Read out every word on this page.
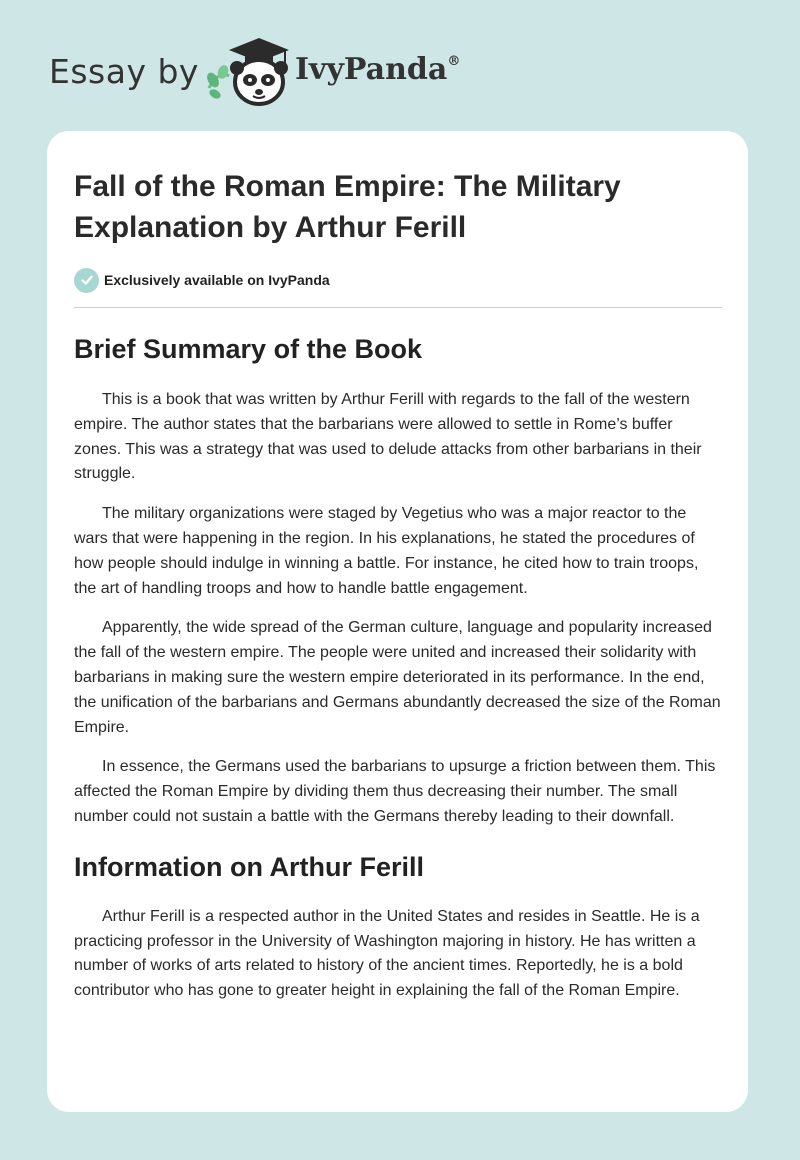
Essay by	IvyPanda®
Fall of the Roman Empire: The Military Explanation by Arthur Ferill
Exclusively available on IvyPanda
Brief Summary of the Book

This is a book that was written by Arthur Ferill with regards to the fall of the western empire. The author states that the barbarians were allowed to settle in Rome’s buffer zones. This was a strategy that was used to delude attacks from other barbarians in their struggle.

The military organizations were staged by Vegetius who was a major reactor to the wars that were happening in the region. In his explanations, he stated the procedures of how people should indulge in winning a battle. For instance, he cited how to train troops, the art of handling troops and how to handle battle engagement.

Apparently, the wide spread of the German culture, language and popularity increased the fall of the western empire. The people were united and increased their solidarity with barbarians in making sure the western empire deteriorated in its performance. In the end, the unification of the barbarians and Germans abundantly decreased the size of the Roman Empire.

In essence, the Germans used the barbarians to upsurge a friction between them. This affected the Roman Empire by dividing them thus decreasing their number. The small number could not sustain a battle with the Germans thereby leading to their downfall.

Information on Arthur Ferill

Arthur Ferill is a respected author in the United States and resides in Seattle. He is a practicing professor in the University of Washington majoring in history. He has written a number of works of arts related to history of the ancient times. Reportedly, he is a bold contributor who has gone to greater height in explaining the fall of the Roman Empire.
